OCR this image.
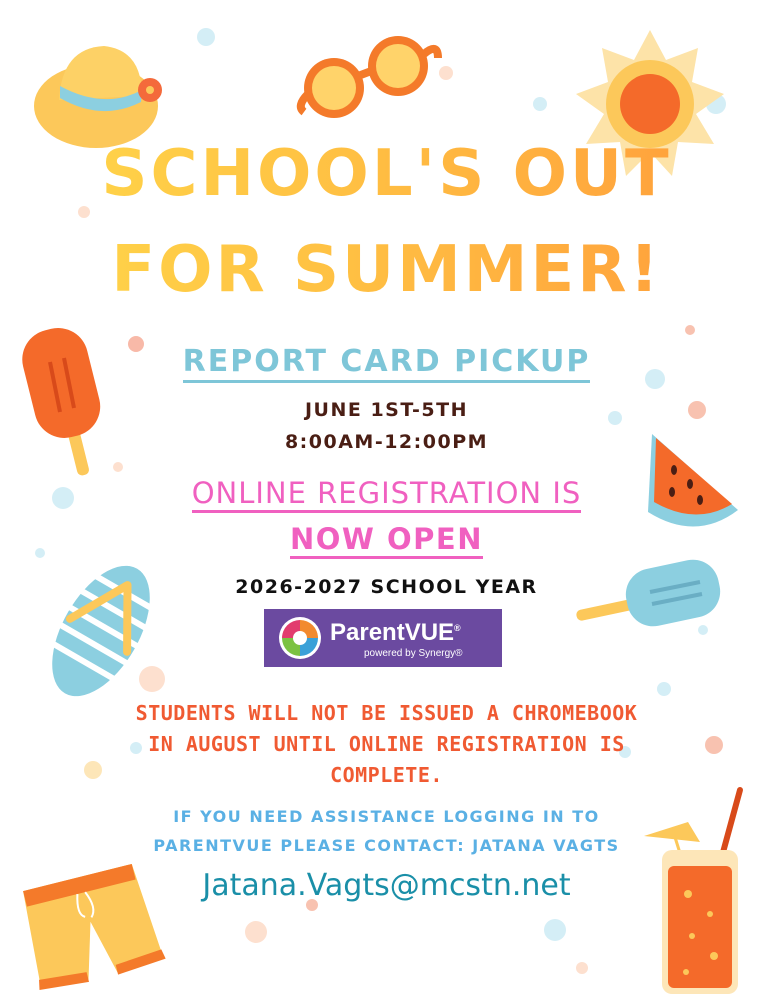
SCHOOL'S OUT
FOR SUMMER!
REPORT CARD PICKUP
JUNE 1ST-5TH
8:00AM-12:00PM
ONLINE REGISTRATION IS
NOW OPEN
2026-2027 SCHOOL YEAR
ParentVUE®
powered by Synergy®
STUDENTS WILL NOT BE ISSUED A CHROMEBOOK
IN AUGUST UNTIL ONLINE REGISTRATION IS
COMPLETE.
IF YOU NEED ASSISTANCE LOGGING IN TO
PARENTVUE PLEASE CONTACT: JATANA VAGTS
Jatana.Vagts@mcstn.net
